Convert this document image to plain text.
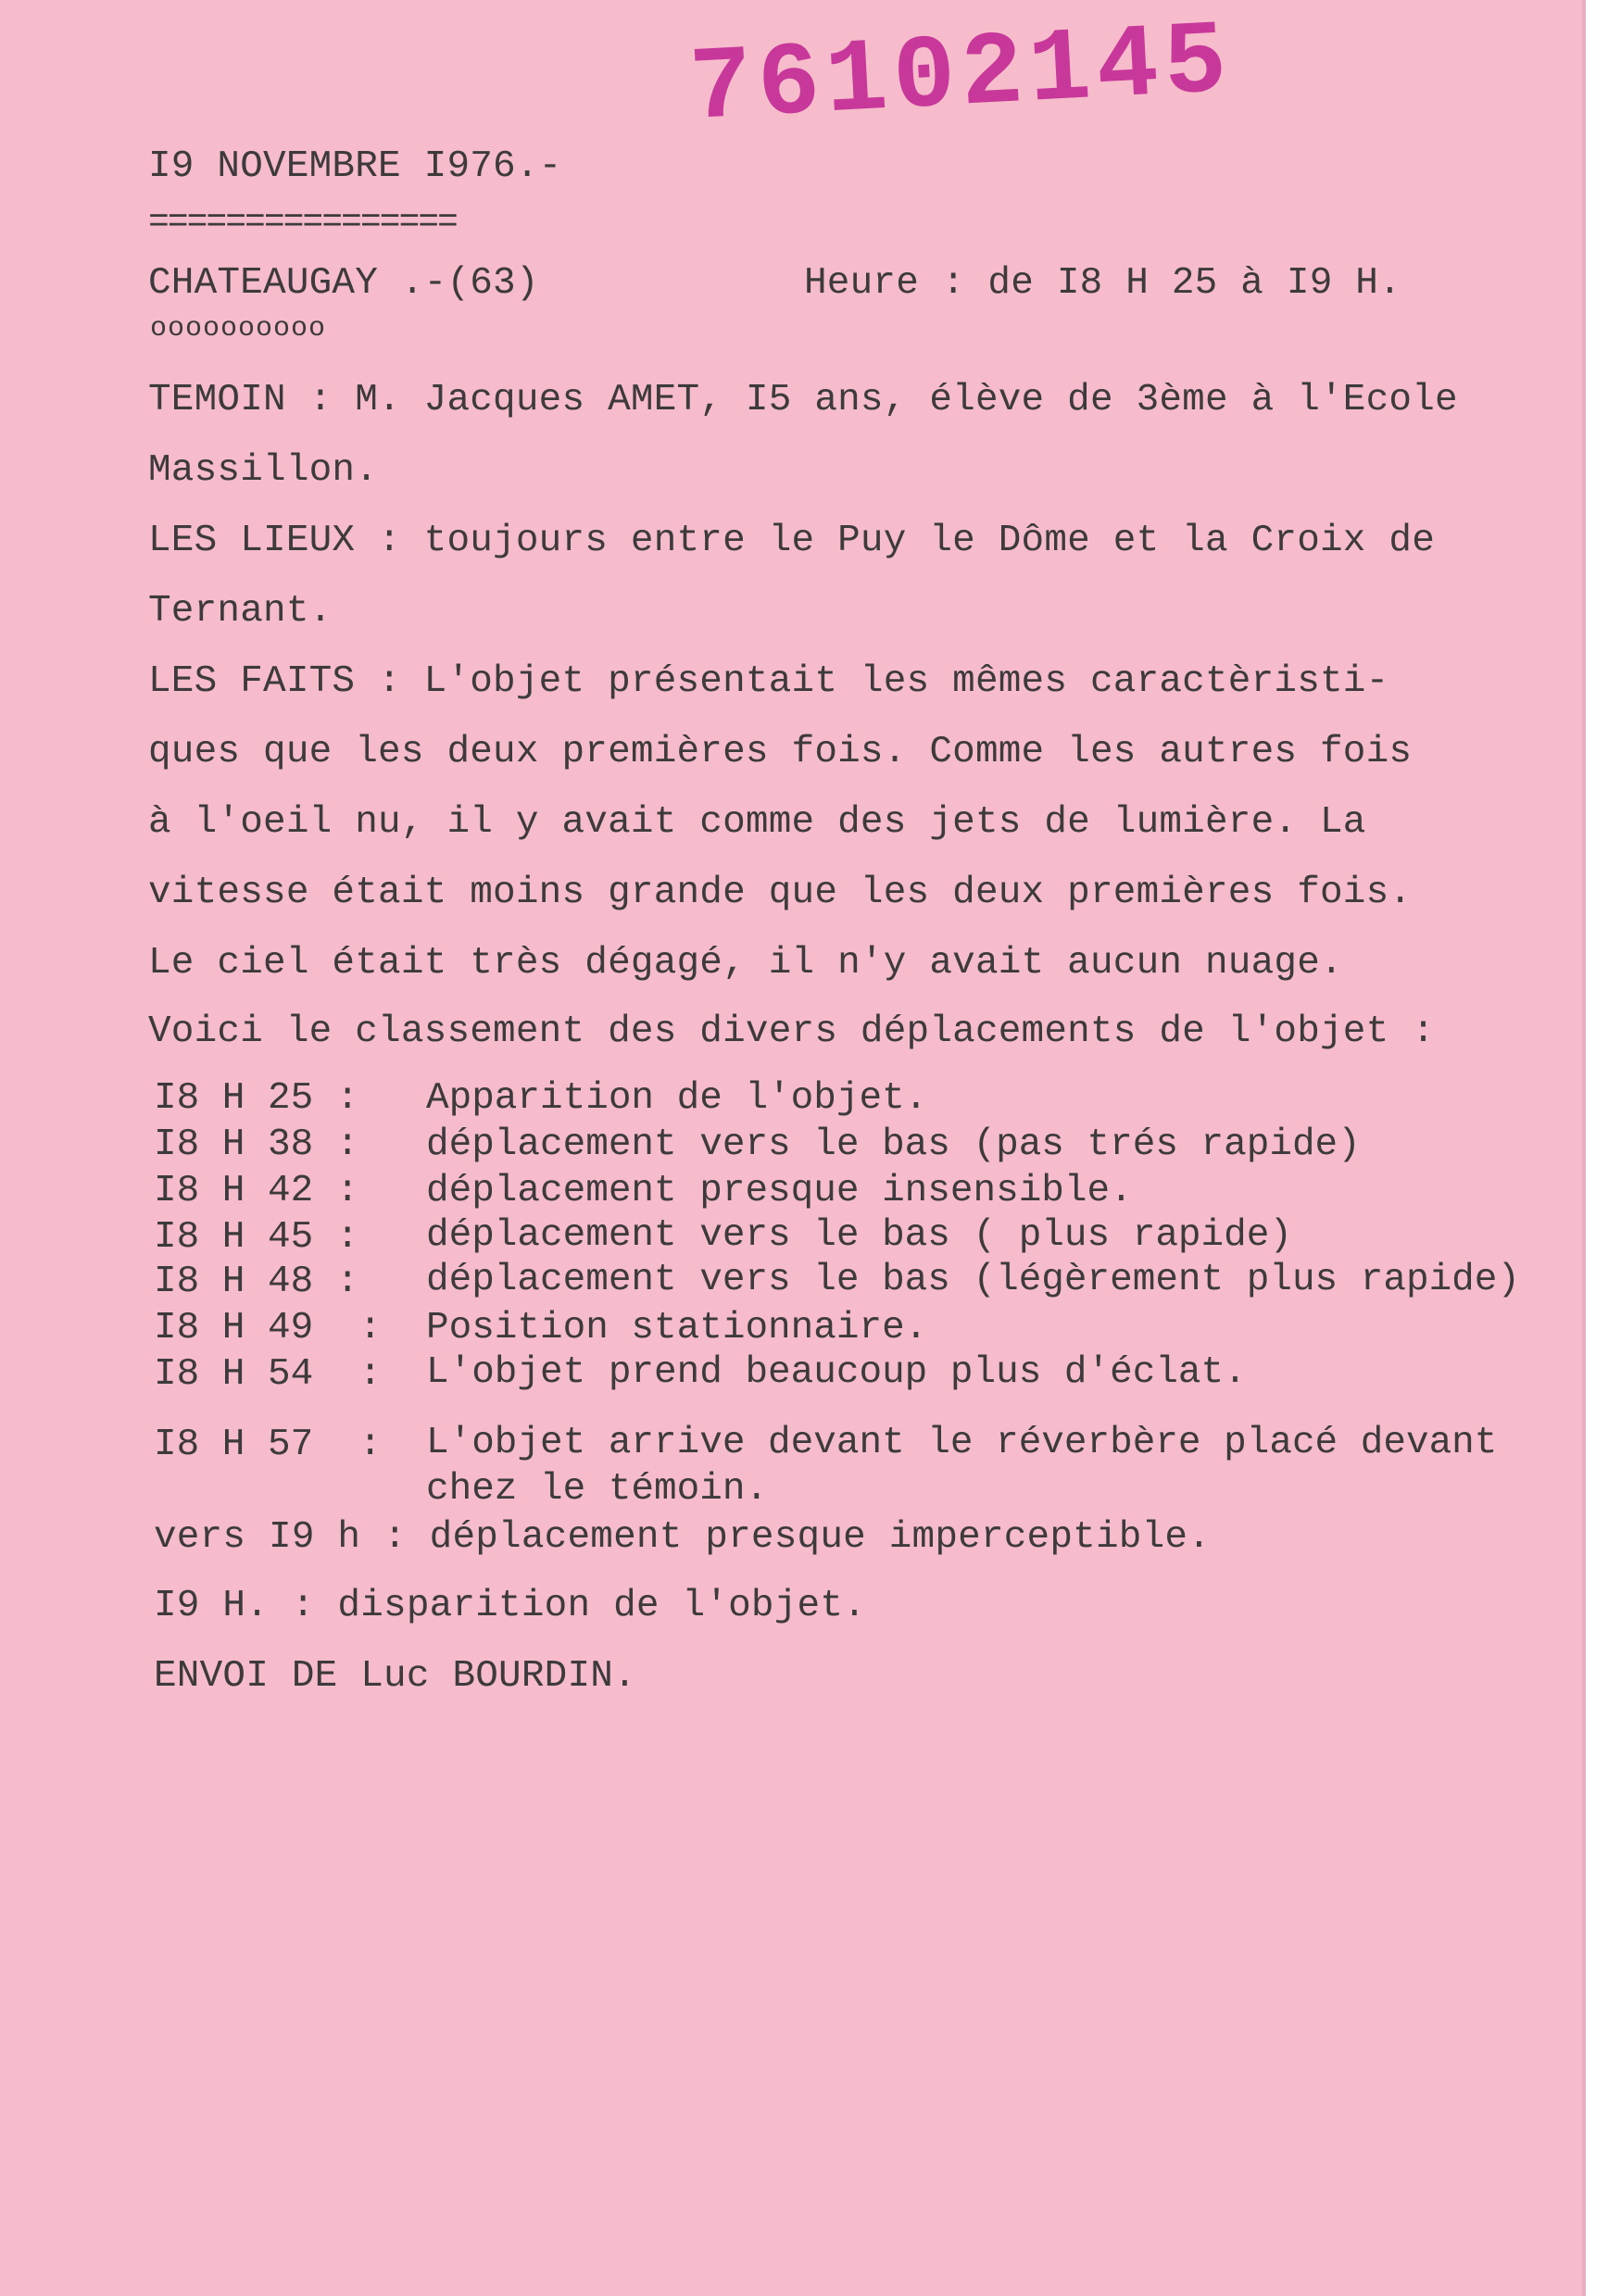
76102145
I9 NOVEMBRE I976.-
================
CHATEAUGAY .-(63)
oooooooooo
Heure : de I8 H 25 à I9 H.
TEMOIN : M. Jacques AMET, I5 ans, élève de 3ème à l'Ecole
Massillon.
LES LIEUX : toujours entre le Puy le Dôme et la Croix de
Ternant.
LES FAITS : L'objet présentait les mêmes caractèristi-
ques que les deux premières fois. Comme les autres fois
à l'oeil nu, il y avait comme des jets de lumière. La
vitesse était moins grande que les deux premières fois.
Le ciel était très dégagé, il n'y avait aucun nuage.
Voici le classement des divers déplacements de l'objet :
I8 H 25 : Apparition de l'objet.
I8 H 38 : déplacement vers le bas (pas trés rapide)
I8 H 42 : déplacement presque insensible.
I8 H 45 : déplacement vers le bas ( plus rapide)
I8 H 48 : déplacement vers le bas (légèrement plus rapide)
I8 H 49  : Position stationnaire.
I8 H 54  : L'objet prend beaucoup plus d'éclat.
I8 H 57  : L'objet arrive devant le réverbère placé devant
chez le témoin.
vers I9 h : déplacement presque imperceptible.
I9 H. : disparition de l'objet.
ENVOI DE Luc BOURDIN.
